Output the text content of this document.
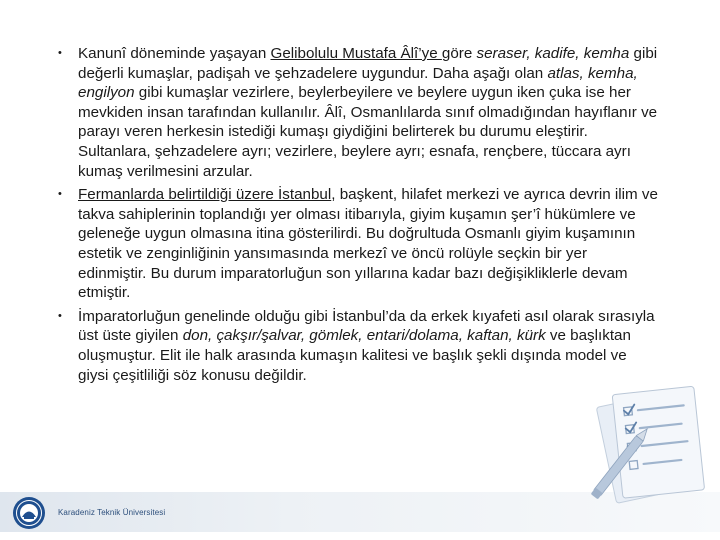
• Kanunî döneminde yaşayan Gelibolulu Mustafa Âlî’ye göre seraser, kadife, kemha gibi değerli kumaşlar, padişah ve şehzadelere uygundur. Daha aşağı olan atlas, kemha, engilyon gibi kumaşlar vezirlere, beylerbeyilere ve beylere uygun iken çuka ise her mevkiden insan tarafından kullanılır. Âlî, Osmanlılarda sınıf olmadığından hayıflanır ve parayı veren herkesin istediği kumaşı giydiğini belirterek bu durumu eleştirir. Sultanlara, şehzadelere ayrı; vezirlere, beylere ayrı; esnafa, rençbere, tüccara ayrı kumaş verilmesini arzular.
• Fermanlarda belirtildiği üzere İstanbul, başkent, hilafet merkezi ve ayrıca devrin ilim ve takva sahiplerinin toplandığı yer olması itibarıyla, giyim kuşamın şer’î hükümlere ve geleneğe uygun olmasına itina gösterilirdi. Bu doğrultuda Osmanlı giyim kuşamının estetik ve zenginliğinin yansımasında merkezî ve öncü rolüyle seçkin bir yer edinmiştir. Bu durum imparatorluğun son yıllarına kadar bazı değişikliklerle devam etmiştir.
• İmparatorluğun genelinde olduğu gibi İstanbul’da da erkek kıyafeti asıl olarak sırasıyla üst üste giyilen don, çakşır/şalvar, gömlek, entari/dolama, kaftan, kürk ve başlıktan oluşmuştur. Elit ile halk arasında kumaşın kalitesi ve başlık şekli dışında model ve giysi çeşitliliği söz konusu değildir.
Karadeniz Teknik Üniversitesi
